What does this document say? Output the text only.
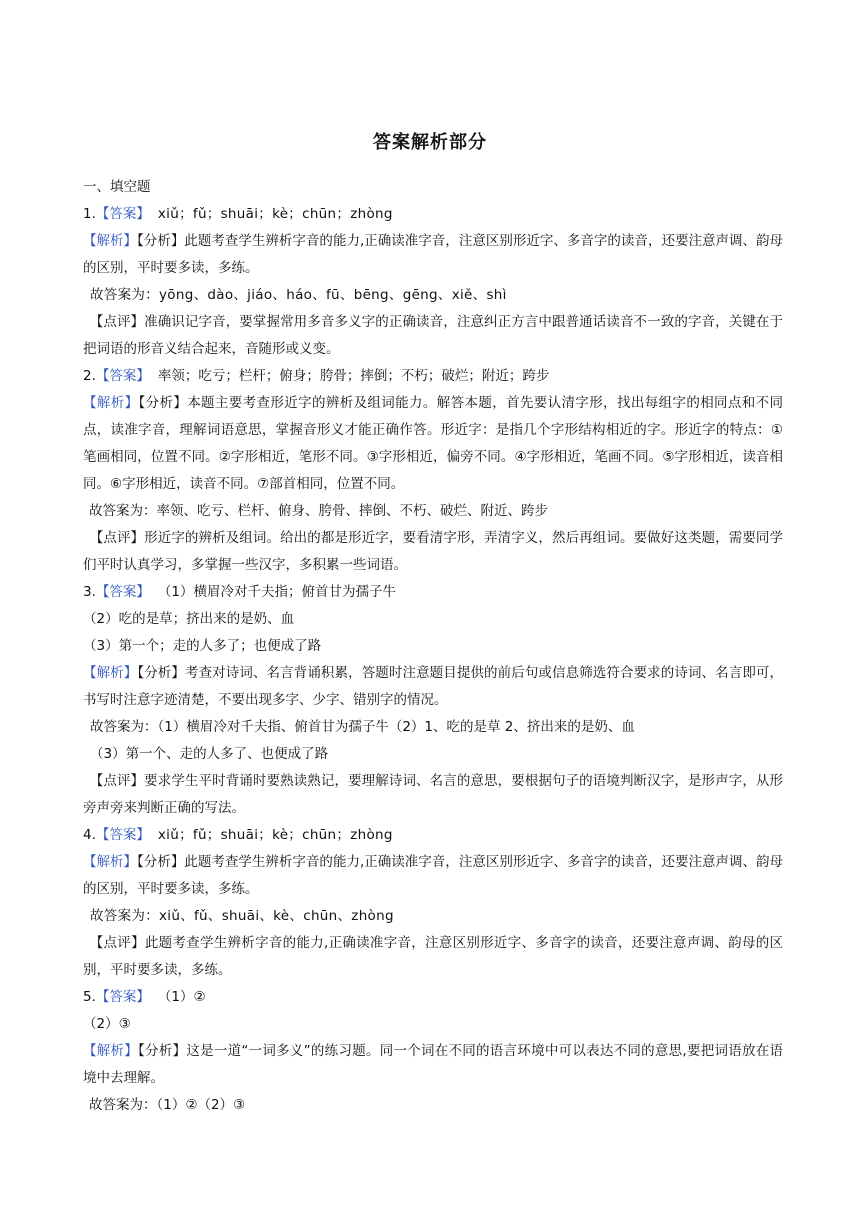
答案解析部分
一、填空题
1.【答案】 xiǔ；fǔ；shuāi；kè；chūn；zhòng
【解析】【分析】此题考查学生辨析字音的能力,正确读准字音，注意区别形近字、多音字的读音，还要注意声调、韵母的区别，平时要多读，多练。
故答案为：yōng、dào、jiáo、háo、fū、bēng、gēng、xiě、shì
【点评】准确识记字音，要掌握常用多音多义字的正确读音，注意纠正方言中跟普通话读音不一致的字音，关键在于把词语的形音义结合起来，音随形或义变。
2.【答案】 率领；吃亏；栏杆；俯身；胯骨；摔倒；不朽；破烂；附近；跨步
【解析】【分析】本题主要考查形近字的辨析及组词能力。解答本题，首先要认清字形，找出每组字的相同点和不同点，读准字音，理解词语意思，掌握音形义才能正确作答。形近字：是指几个字形结构相近的字。形近字的特点：①笔画相同，位置不同。②字形相近，笔形不同。③字形相近，偏旁不同。④字形相近，笔画不同。⑤字形相近，读音相同。⑥字形相近，读音不同。⑦部首相同，位置不同。
故答案为：率领、吃亏、栏杆、俯身、胯骨、摔倒、不朽、破烂、附近、跨步
【点评】形近字的辨析及组词。给出的都是形近字，要看清字形，弄清字义，然后再组词。要做好这类题，需要同学们平时认真学习，多掌握一些汉字，多积累一些词语。
3.【答案】 （1）横眉冷对千夫指；俯首甘为孺子牛
（2）吃的是草；挤出来的是奶、血
（3）第一个；走的人多了；也便成了路
【解析】【分析】考查对诗词、名言背诵积累，答题时注意题目提供的前后句或信息筛选符合要求的诗词、名言即可，书写时注意字迹清楚，不要出现多字、少字、错别字的情况。
故答案为：（1）横眉冷对千夫指、俯首甘为孺子牛（2）1、吃的是草 2、挤出来的是奶、血
（3）第一个、走的人多了、也便成了路
【点评】要求学生平时背诵时要熟读熟记，要理解诗词、名言的意思，要根据句子的语境判断汉字，是形声字，从形旁声旁来判断正确的写法。
4.【答案】 xiǔ；fǔ；shuāi；kè；chūn；zhòng
【解析】【分析】此题考查学生辨析字音的能力,正确读准字音，注意区别形近字、多音字的读音，还要注意声调、韵母的区别，平时要多读，多练。
故答案为：xiǔ、fǔ、shuāi、kè、chūn、zhòng
【点评】此题考查学生辨析字音的能力,正确读准字音，注意区别形近字、多音字的读音，还要注意声调、韵母的区别，平时要多读，多练。
5.【答案】 （1）②
（2）③
【解析】【分析】这是一道“一词多义”的练习题。同一个词在不同的语言环境中可以表达不同的意思,要把词语放在语境中去理解。
故答案为：（1）②（2）③
